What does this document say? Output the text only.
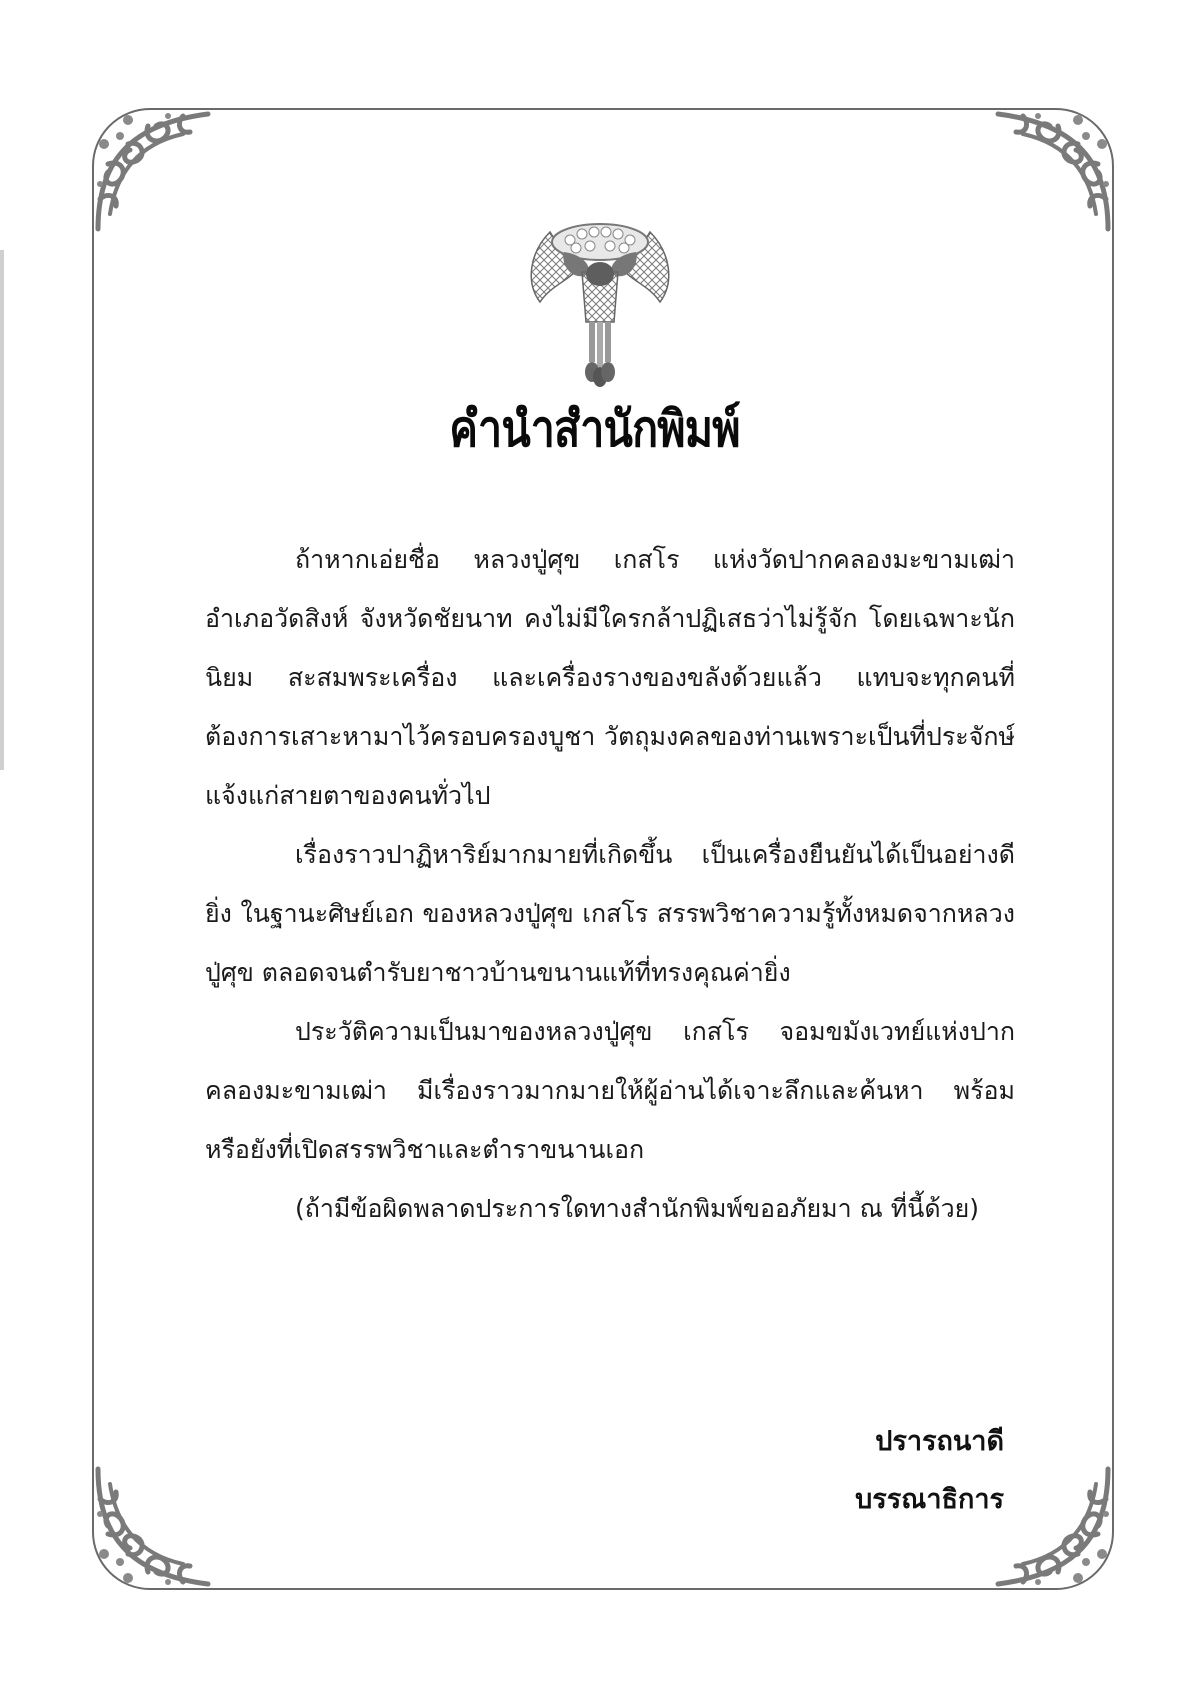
คำนำสำนักพิมพ์

ถ้าหากเอ่ยชื่อ หลวงปู่ศุข เกสโร แห่งวัดปากคลองมะขามเฒ่า อำเภอวัดสิงห์ จังหวัดชัยนาท คงไม่มีใครกล้าปฏิเสธว่าไม่รู้จัก โดยเฉพาะนักนิยม สะสมพระเครื่อง และเครื่องรางของขลังด้วยแล้ว แทบจะทุกคนที่ต้องการเสาะหามาไว้ครอบครองบูชา วัตถุมงคลของท่านเพราะเป็นที่ประจักษ์แจ้งแก่สายตาของคนทั่วไป

เรื่องราวปาฏิหาริย์มากมายที่เกิดขึ้น เป็นเครื่องยืนยันได้เป็นอย่างดียิ่ง ในฐานะศิษย์เอก ของหลวงปู่ศุข เกสโร สรรพวิชาความรู้ทั้งหมดจากหลวงปู่ศุข ตลอดจนตำรับยาชาวบ้านขนานแท้ที่ทรงคุณค่ายิ่ง

ประวัติความเป็นมาของหลวงปู่ศุข เกสโร จอมขมังเวทย์แห่งปากคลองมะขามเฒ่า มีเรื่องราวมากมายให้ผู้อ่านได้เจาะลึกและค้นหา พร้อมหรือยังที่เปิดสรรพวิชาและตำราขนานเอก

(ถ้ามีข้อผิดพลาดประการใดทางสำนักพิมพ์ขออภัยมา ณ ที่นี้ด้วย)

ปรารถนาดี
บรรณาธิการ
